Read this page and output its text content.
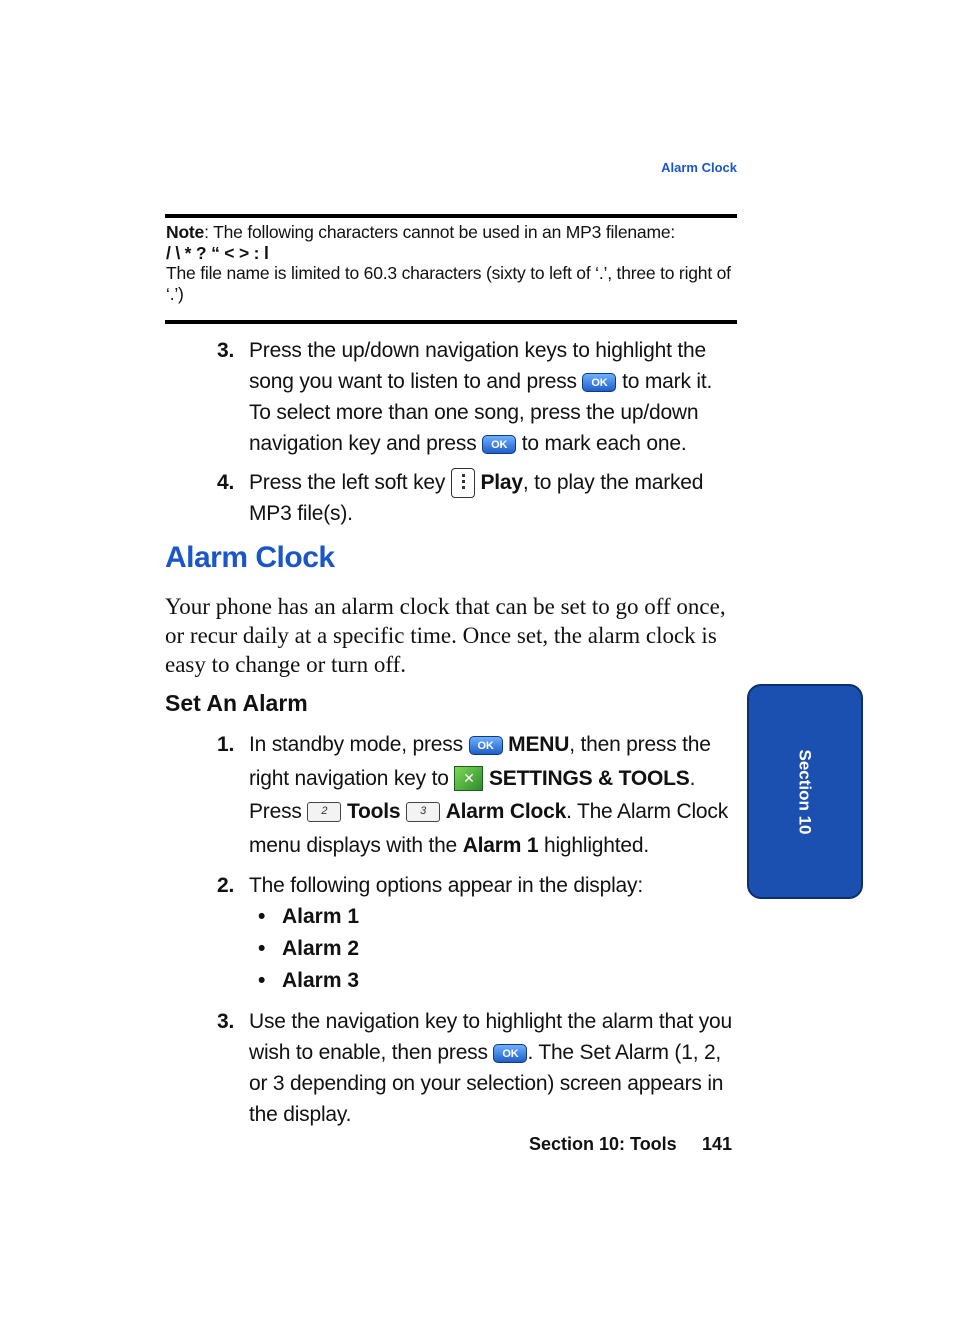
Alarm Clock
Note: The following characters cannot be used in an MP3 filename:
/ \ * ? “ < > : l
The file name is limited to 60.3 characters (sixty to left of ‘.’, three to right of ‘.’)
3. Press the up/down navigation keys to highlight the song you want to listen to and press OK to mark it. To select more than one song, press the up/down navigation key and press OK to mark each one.
4. Press the left soft key Play, to play the marked MP3 file(s).
Alarm Clock
Your phone has an alarm clock that can be set to go off once, or recur daily at a specific time. Once set, the alarm clock is easy to change or turn off.
Set An Alarm
1. In standby mode, press OK MENU, then press the right navigation key to ✕ SETTINGS & TOOLS. Press 2 Tools 3 Alarm Clock. The Alarm Clock menu displays with the Alarm 1 highlighted.
2. The following options appear in the display:
• Alarm 1
• Alarm 2
• Alarm 3
3. Use the navigation key to highlight the alarm that you wish to enable, then press OK . The Set Alarm (1, 2, or 3 depending on your selection) screen appears in the display.
Section 10
Section 10: Tools 141
